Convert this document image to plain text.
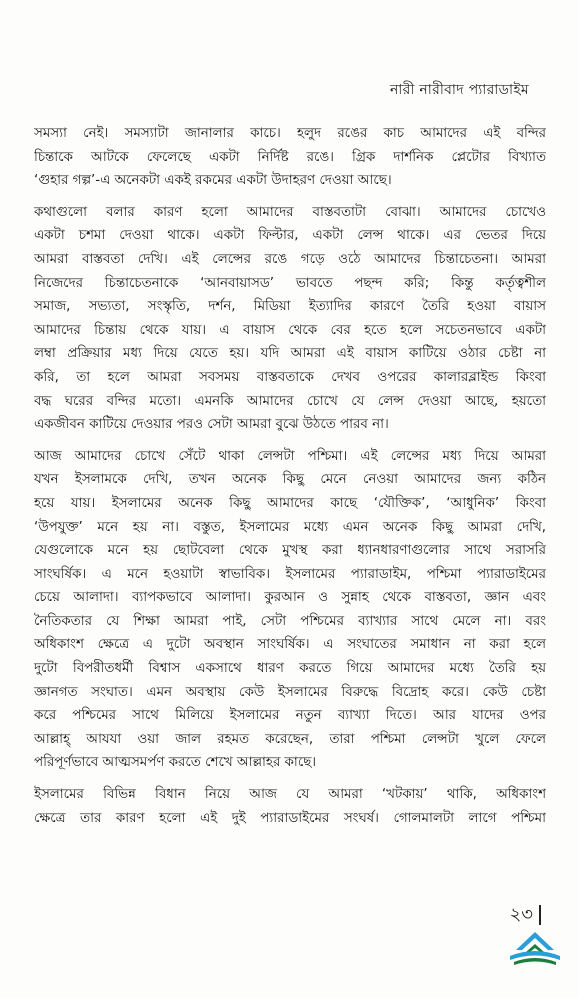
নারী নারীবাদ প্যারাডাইম
সমস্যা নেই। সমস্যাটা জানালার কাচে। হলুদ রঙের কাচ আমাদের এই বন্দির
চিন্তাকে আটকে ফেলেছে একটা নির্দিষ্ট রঙে। গ্রিক দার্শনিক প্লেটোর বিখ্যাত
‘গুহার গল্প’-এ অনেকটা একই রকমের একটা উদাহরণ দেওয়া আছে।
কথাগুলো বলার কারণ হলো আমাদের বাস্তবতাটা বোঝা। আমাদের চোখেও
একটা চশমা দেওয়া থাকে। একটা ফিল্টার, একটা লেন্স থাকে। এর ভেতর দিয়ে
আমরা বাস্তবতা দেখি। এই লেন্সের রঙে গড়ে ওঠে আমাদের চিন্তাচেতনা। আমরা
নিজেদের চিন্তাচেতনাকে ‘আনবায়াসড’ ভাবতে পছন্দ করি; কিন্তু কর্তৃত্বশীল
সমাজ, সভ্যতা, সংস্কৃতি, দর্শন, মিডিয়া ইত্যাদির কারণে তৈরি হওয়া বায়াস
আমাদের চিন্তায় থেকে যায়। এ বায়াস থেকে বের হতে হলে সচেতনভাবে একটা
লম্বা প্রক্রিয়ার মধ্য দিয়ে যেতে হয়। যদি আমরা এই বায়াস কাটিয়ে ওঠার চেষ্টা না
করি, তা হলে আমরা সবসময় বাস্তবতাকে দেখব ওপরের কালারব্লাইন্ড কিংবা
বদ্ধ ঘরের বন্দির মতো। এমনকি আমাদের চোখে যে লেন্স দেওয়া আছে, হয়তো
একজীবন কাটিয়ে দেওয়ার পরও সেটা আমরা বুঝে উঠতে পারব না।
আজ আমাদের চোখে সেঁটে থাকা লেন্সটা পশ্চিমা। এই লেন্সের মধ্য দিয়ে আমরা
যখন ইসলামকে দেখি, তখন অনেক কিছু মেনে নেওয়া আমাদের জন্য কঠিন
হয়ে যায়। ইসলামের অনেক কিছু আমাদের কাছে ‘যৌক্তিক’, ‘আধুনিক’ কিংবা
‘উপযুক্ত’ মনে হয় না। বস্তুত, ইসলামের মধ্যে এমন অনেক কিছু আমরা দেখি,
যেগুলোকে মনে হয় ছোটবেলা থেকে মুখস্থ করা ধ্যানধারণাগুলোর সাথে সরাসরি
সাংঘর্ষিক। এ মনে হওয়াটা স্বাভাবিক। ইসলামের প্যারাডাইম, পশ্চিমা প্যারাডাইমের
চেয়ে আলাদা। ব্যাপকভাবে আলাদা। কুরআন ও সুন্নাহ থেকে বাস্তবতা, জ্ঞান এবং
নৈতিকতার যে শিক্ষা আমরা পাই, সেটা পশ্চিমের ব্যাখ্যার সাথে মেলে না। বরং
অধিকাংশ ক্ষেত্রে এ দুটো অবস্থান সাংঘর্ষিক। এ সংঘাতের সমাধান না করা হলে
দুটো বিপরীতধর্মী বিশ্বাস একসাথে ধারণ করতে গিয়ে আমাদের মধ্যে তৈরি হয়
জ্ঞানগত সংঘাত। এমন অবস্থায় কেউ ইসলামের বিরুদ্ধে বিদ্রোহ করে। কেউ চেষ্টা
করে পশ্চিমের সাথে মিলিয়ে ইসলামের নতুন ব্যাখ্যা দিতে। আর যাদের ওপর
আল্লাহ্ আযযা ওয়া জাল রহমত করেছেন, তারা পশ্চিমা লেন্সটা খুলে ফেলে
পরিপূর্ণভাবে আত্মসমর্পণ করতে শেখে আল্লাহর কাছে।
ইসলামের বিভিন্ন বিধান নিয়ে আজ যে আমরা ‘খটকায়’ থাকি, অধিকাংশ
ক্ষেত্রে তার কারণ হলো এই দুই প্যারাডাইমের সংঘর্ষ। গোলমালটা লাগে পশ্চিমা
২৩
